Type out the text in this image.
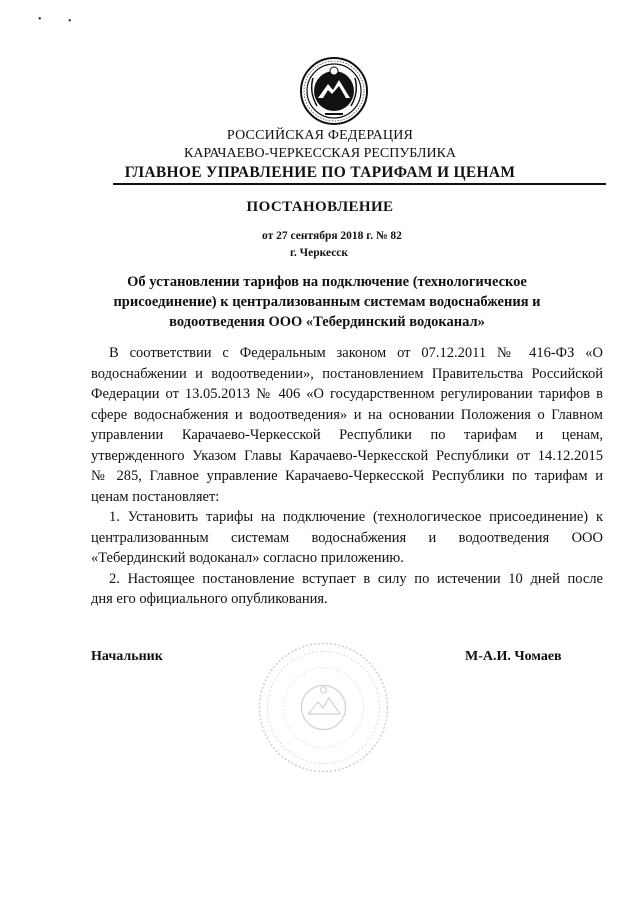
•	•
РОССИЙСКАЯ ФЕДЕРАЦИЯ
КАРАЧАЕВО-ЧЕРКЕССКАЯ РЕСПУБЛИКА
ГЛАВНОЕ УПРАВЛЕНИЕ ПО ТАРИФАМ И ЦЕНАМ
ПОСТАНОВЛЕНИЕ
от 27 сентября 2018 г. № 82
г. Черкесск
Об установлении тарифов на подключение (технологическое
присоединение) к централизованным системам водоснабжения и
водоотведения ООО «Тебердинский водоканал»
В соответствии с Федеральным законом от 07.12.2011 № 416-ФЗ «О
водоснабжении и водоотведении», постановлением Правительства Российской
Федерации от 13.05.2013 № 406 «О государственном регулировании тарифов в
сфере водоснабжения и водоотведения» и на основании Положения о Главном
управлении Карачаево-Черкесской Республики по тарифам и ценам,
утвержденного Указом Главы Карачаево-Черкесской Республики от 14.12.2015
№ 285, Главное управление Карачаево-Черкесской Республики по тарифам и
ценам постановляет:
1. Установить тарифы на подключение (технологическое присоединение) к
централизованным системам водоснабжения и водоотведения ООО
«Тебердинский водоканал» согласно приложению.
2. Настоящее постановление вступает в силу по истечении 10 дней после
дня его официального опубликования.
Начальник	М-А.И. Чомаев
